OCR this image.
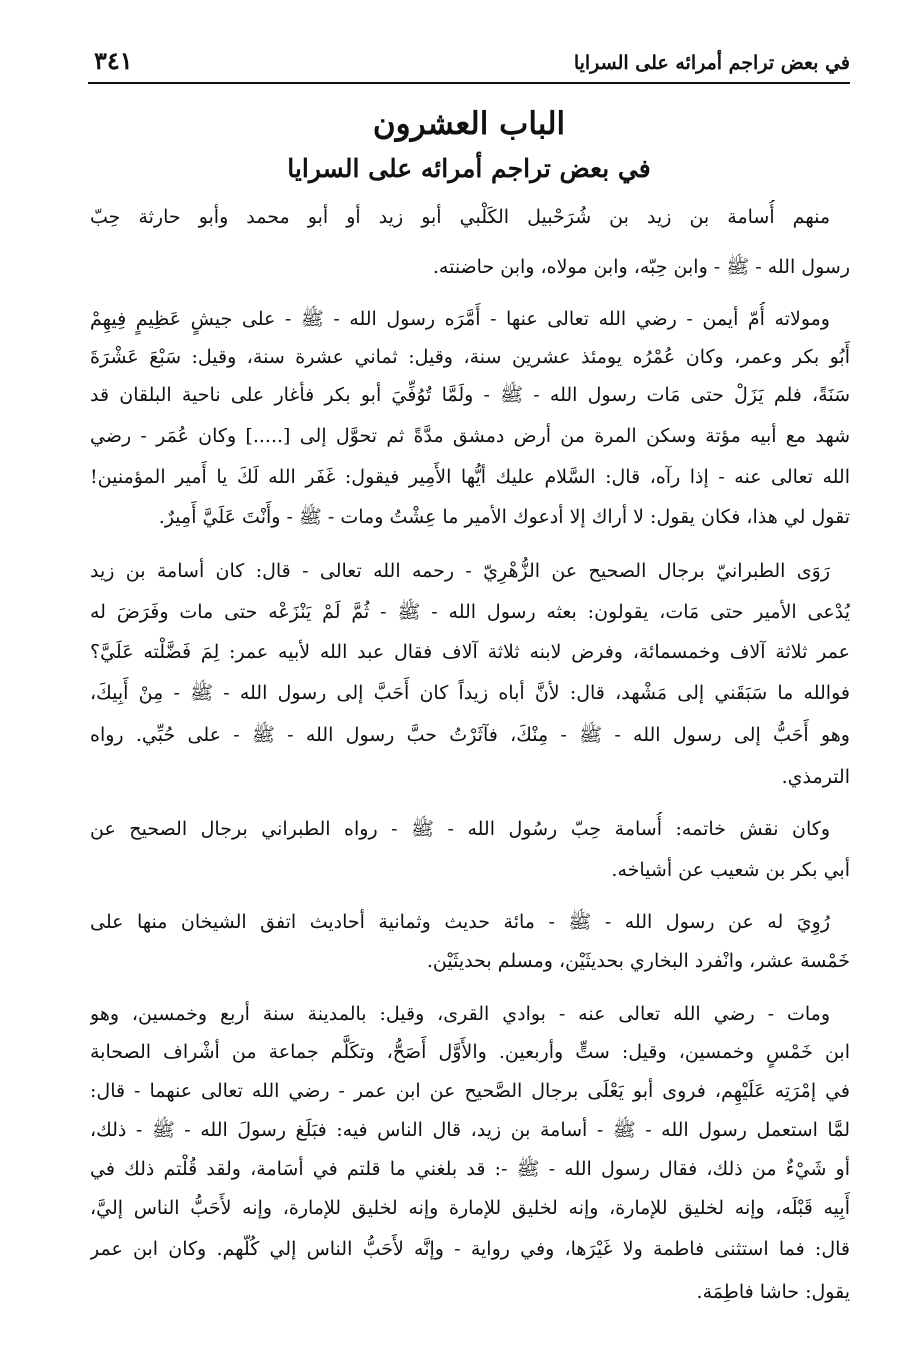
في بعض تراجم أمرائه على السرايا
٣٤١
الباب العشرون
في بعض تراجم أمرائه على السرايا
منهم أُسامة بن زيد بن شُرَحْبيل الكَلْبي أبو زيد أو أبو محمد وأبو حارثة حِبّ
رسول الله - ﷺ - وابن حِبّه، وابن مولاه، وابن حاضنته.
ومولاته أُمّ أيمن - رضي الله تعالى عنها - أَمَّرَه رسول الله - ﷺ - على جيشٍ عَظِيمٍ فِيهِمْ
أَبُو بكر وعمر، وكان عُمْرُه يومئذ عشرين سنة، وقيل: ثماني عشرة سنة، وقيل: سَبْعَ عَشْرَةَ
سَنَةً، فلم يَزَلْ حتى مَات رسول الله - ﷺ - ولَمَّا تُوُفِّيَ أبو بكر فأغار على ناحية البلقان قد
شهد مع أبيه مؤتة وسكن المرة من أرض دمشق مدَّةً ثم تحوَّل إلى [.....] وكان عُمَر - رضي
الله تعالى عنه - إذا رآه، قال: السَّلام عليك أيُّها الأَمِير فيقول: غَفَر الله لَكَ يا أَمير المؤمنين!
تقول لي هذا، فكان يقول: لا أراك إلا أدعوك الأمير ما عِشْتُ ومات - ﷺ - وأَنْتَ عَلَيَّ أَمِيرٌ.
رَوَى الطبرانيّ برجال الصحيح عن الزُّهْرِيّ - رحمه الله تعالى - قال: كان أسامة بن زيد
يُدْعى الأمير حتى مَات، يقولون: بعثه رسول الله - ﷺ - ثُمَّ لَمْ يَنْزَعْه حتى مات وفَرَضَ له
عمر ثلاثة آلاف وخمسمائة، وفرض لابنه ثلاثة آلاف فقال عبد الله لأبيه عمر: لِمَ فَضَّلْته عَلَيَّ؟
فوالله ما سَبَقَني إلى مَشْهد، قال: لأنَّ أباه زيداً كان أَحَبَّ إلى رسول الله - ﷺ - مِنْ أَبِيكَ،
وهو أَحَبُّ إلى رسول الله - ﷺ - مِنْكَ، فآثَرْتُ حبَّ رسول الله - ﷺ - على حُبِّي. رواه
الترمذي.
وكان نقش خاتمه: أُسامة حِبّ رسُول الله - ﷺ - رواه الطبراني برجال الصحيح عن
أبي بكر بن شعيب عن أشياخه.
رُوِيَ له عن رسول الله - ﷺ - مائة حديث وثمانية أحاديث اتفق الشيخان منها على
خَمْسة عشر، وانْفرد البخاري بحديثَيْن، ومسلم بحديثَيْن.
ومات - رضي الله تعالى عنه - بوادي القرى، وقيل: بالمدينة سنة أربع وخمسين، وهو
ابن خَمْسٍ وخمسين، وقيل: ستٍّ وأربعين. والأَوَّل أَصَحُّ، وتكَلَّم جماعة من أشْراف الصحابة
في إمْرَتِه عَلَيْهِم، فروى أبو يَعْلَى برجال الصَّحيح عن ابن عمر - رضي الله تعالى عنهما - قال:
لمَّا استعمل رسول الله - ﷺ - أسامة بن زيد، قال الناس فيه: فبَلَغ رسولَ الله - ﷺ - ذلك،
أو شَيْءٌ من ذلك، فقال رسول الله - ﷺ -: قد بلغني ما قلتم في أسَامة، ولقد قُلْتم ذلك في
أَبِيه قَبْلَه، وإنه لخليق للإمارة، وإنه لخليق للإمارة وإنه لخليق للإمارة، وإنه لأَحَبُّ الناس إليَّ،
قال: فما استثنى فاطمة ولا غَيْرَها، وفي رواية - وإنَّه لأَحَبُّ الناس إلي كُلّهم. وكان ابن عمر
يقول: حاشا فاطِمَة.
